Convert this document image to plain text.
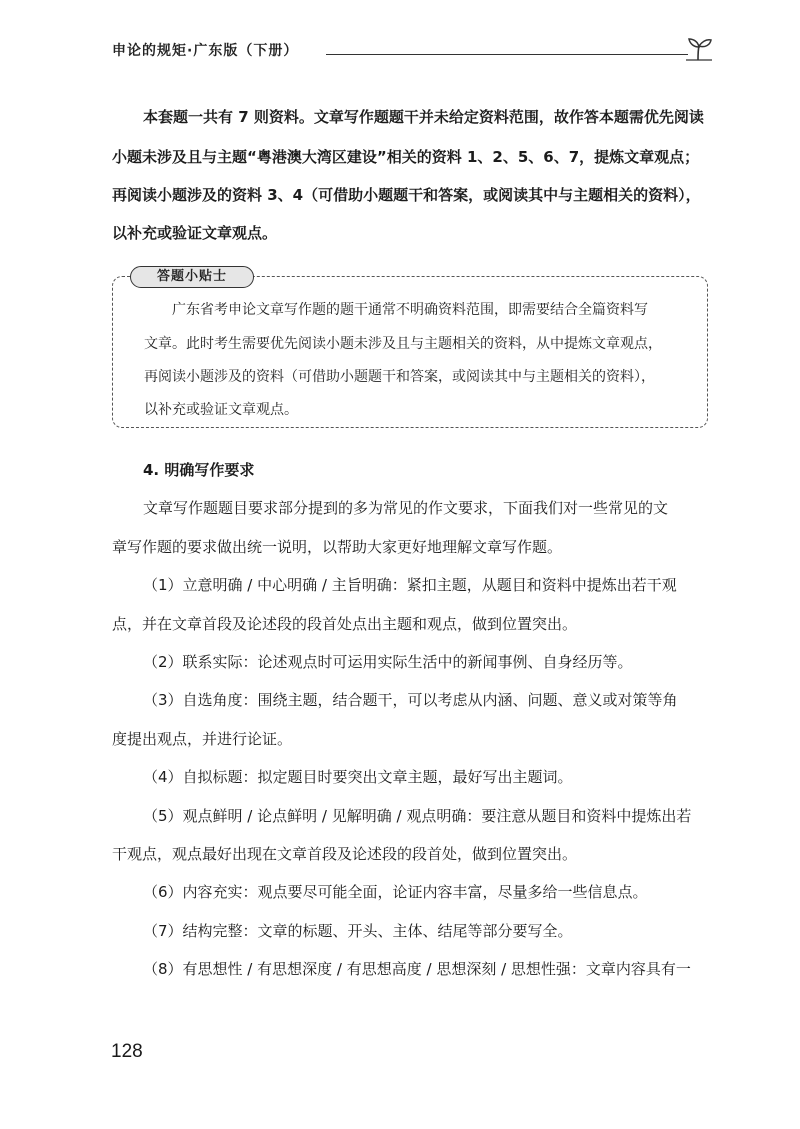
申论的规矩·广东版（下册）

本套题一共有 7 则资料。文章写作题题干并未给定资料范围，故作答本题需优先阅读

小题未涉及且与主题“粤港澳大湾区建设”相关的资料 1、2、5、6、7，提炼文章观点；

再阅读小题涉及的资料 3、4（可借助小题题干和答案，或阅读其中与主题相关的资料），

以补充或验证文章观点。

答题小贴士

广东省考申论文章写作题的题干通常不明确资料范围，即需要结合全篇资料写

文章。此时考生需要优先阅读小题未涉及且与主题相关的资料，从中提炼文章观点，

再阅读小题涉及的资料（可借助小题题干和答案，或阅读其中与主题相关的资料），

以补充或验证文章观点。

4. 明确写作要求

文章写作题题目要求部分提到的多为常见的作文要求，下面我们对一些常见的文

章写作题的要求做出统一说明，以帮助大家更好地理解文章写作题。

（1）立意明确 / 中心明确 / 主旨明确：紧扣主题，从题目和资料中提炼出若干观

点，并在文章首段及论述段的段首处点出主题和观点，做到位置突出。

（2）联系实际：论述观点时可运用实际生活中的新闻事例、自身经历等。

（3）自选角度：围绕主题，结合题干，可以考虑从内涵、问题、意义或对策等角

度提出观点，并进行论证。

（4）自拟标题：拟定题目时要突出文章主题，最好写出主题词。

（5）观点鲜明 / 论点鲜明 / 见解明确 / 观点明确：要注意从题目和资料中提炼出若

干观点，观点最好出现在文章首段及论述段的段首处，做到位置突出。

（6）内容充实：观点要尽可能全面，论证内容丰富，尽量多给一些信息点。

（7）结构完整：文章的标题、开头、主体、结尾等部分要写全。

（8）有思想性 / 有思想深度 / 有思想高度 / 思想深刻 / 思想性强：文章内容具有一

128
